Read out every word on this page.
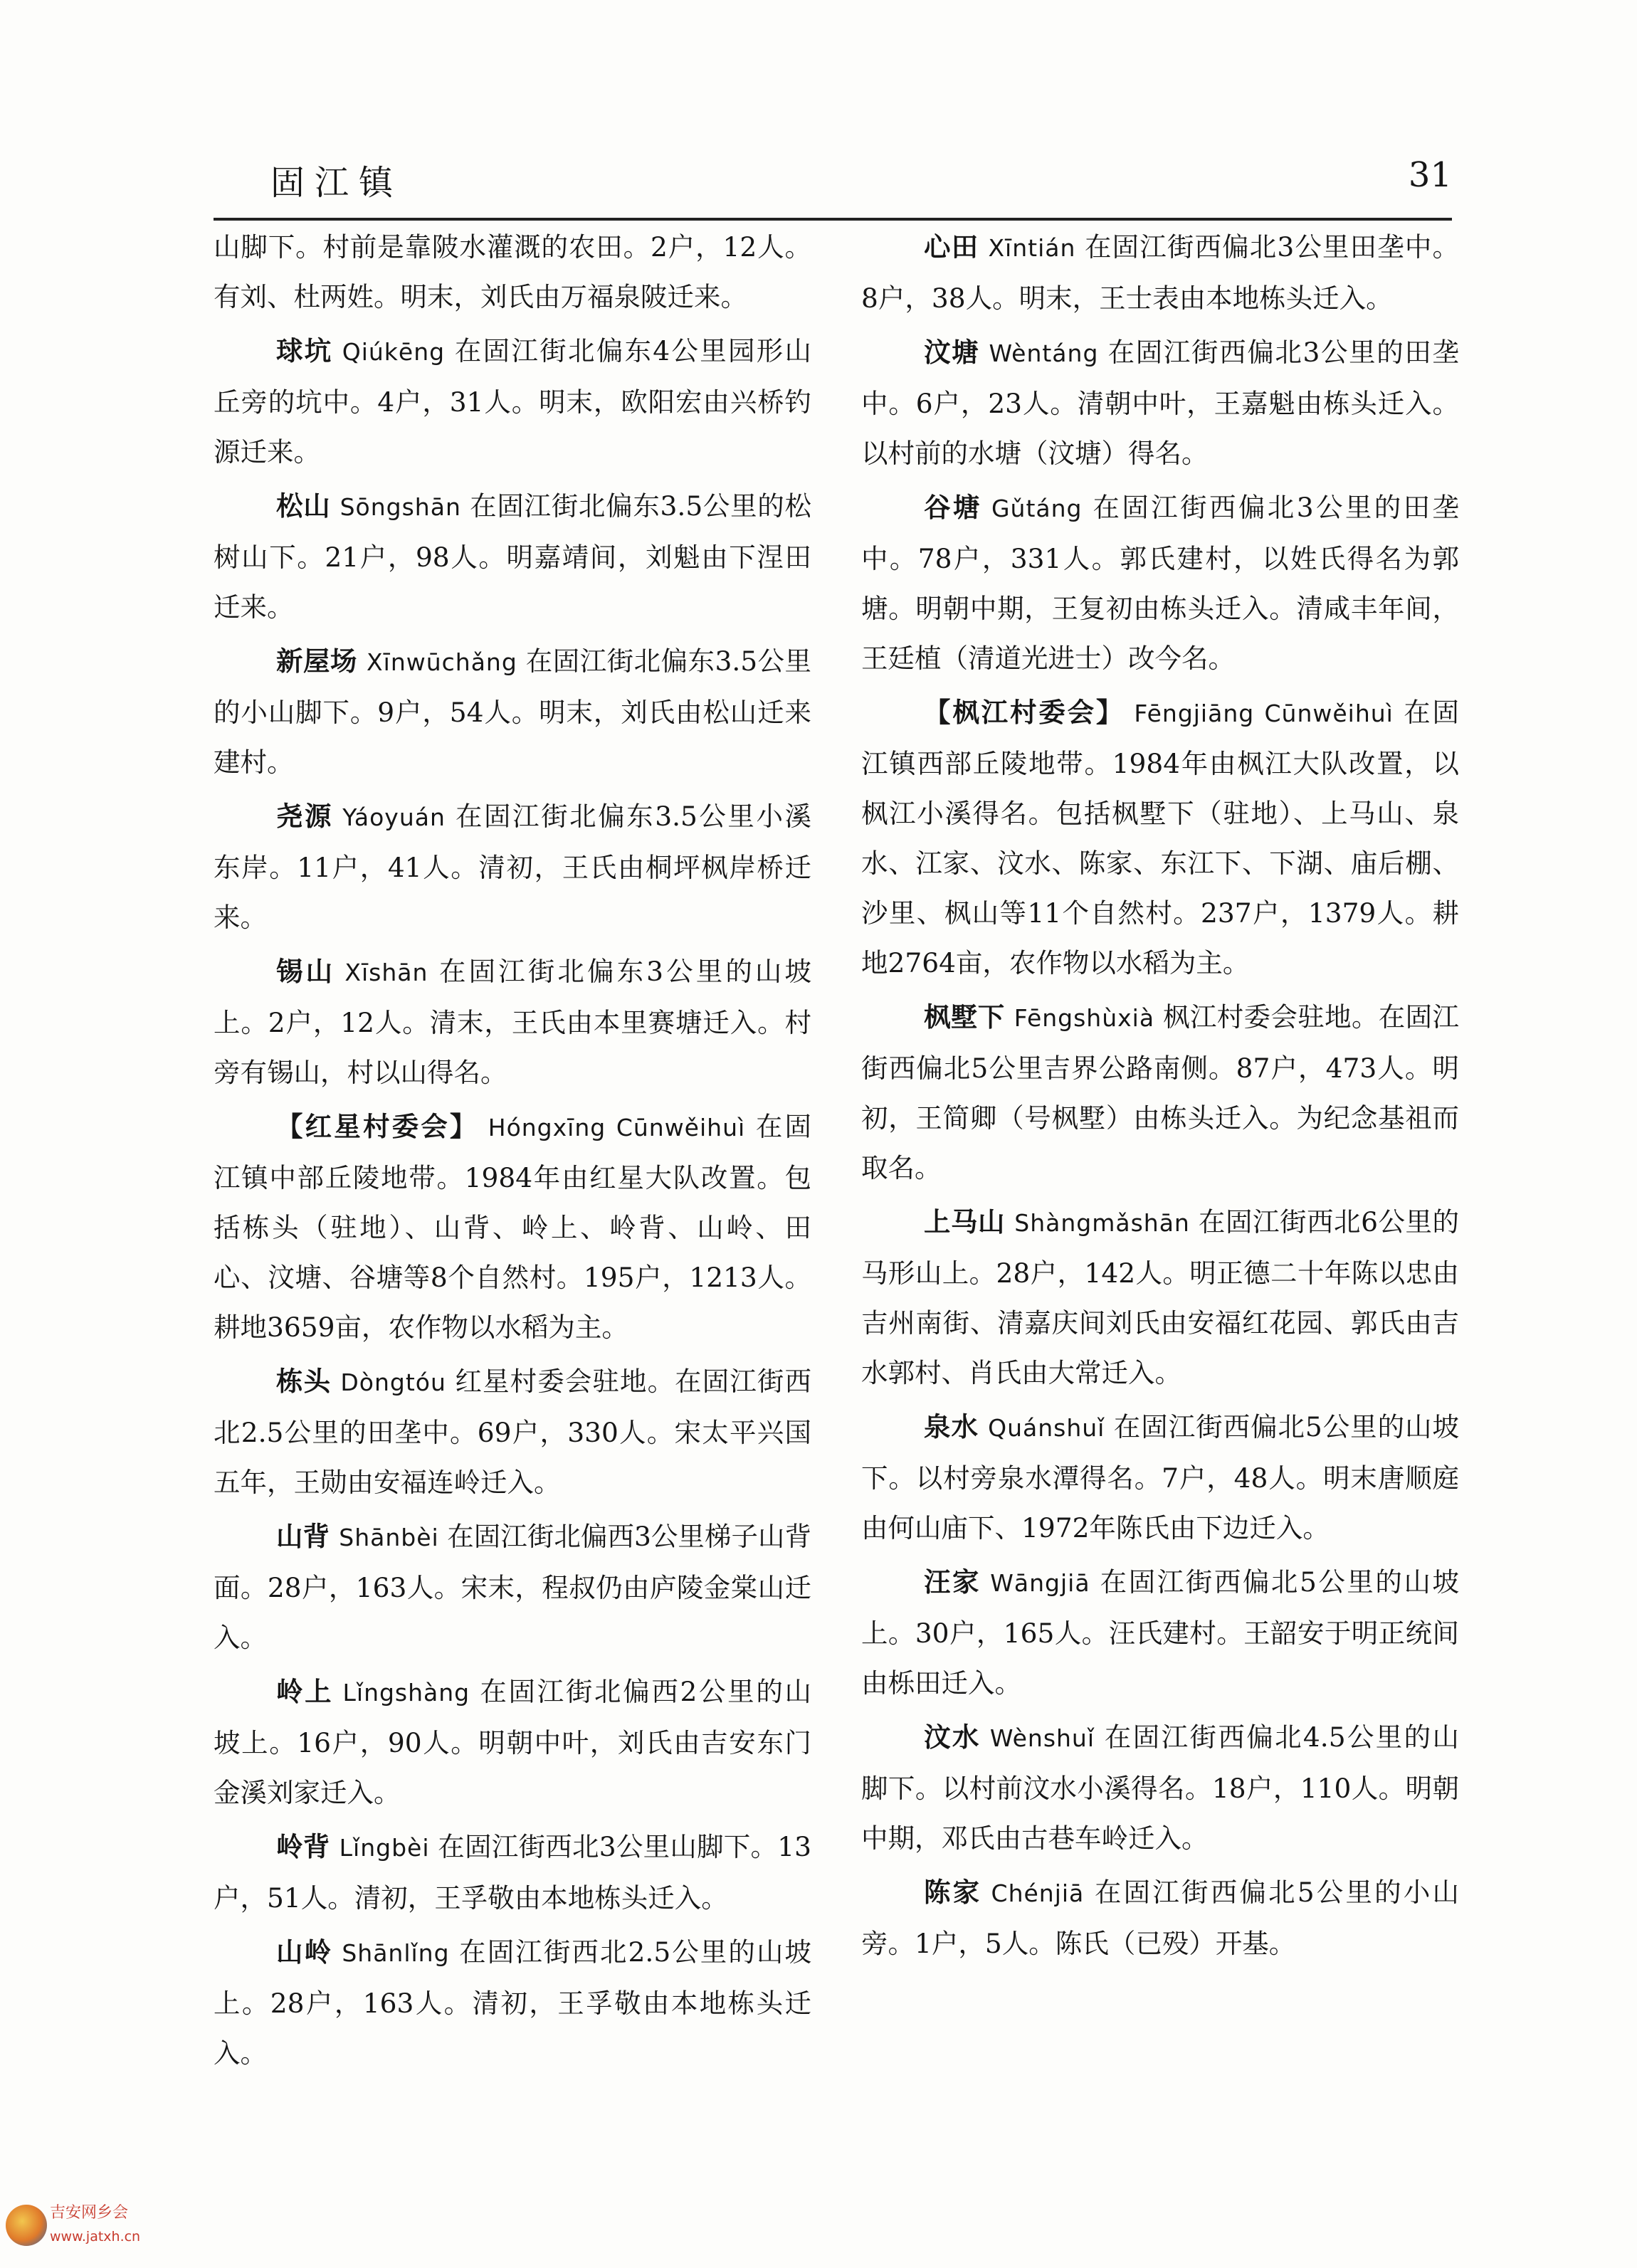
固江镇	31

山脚下。村前是靠陂水灌溉的农田。2户，12人。有刘、杜两姓。明末，刘氏由万福泉陂迁来。

球坑 Qiúkēng 在固江街北偏东4公里园形山丘旁的坑中。4户，31人。明末，欧阳宏由兴桥钓源迁来。

松山 Sōngshān 在固江街北偏东3.5公里的松树山下。21户，98人。明嘉靖间，刘魁由下涅田迁来。

新屋场 Xīnwūchǎng 在固江街北偏东3.5公里的小山脚下。9户，54人。明末，刘氏由松山迁来建村。

尧源 Yáoyuán 在固江街北偏东3.5公里小溪东岸。11户，41人。清初，王氏由桐坪枫岸桥迁来。

锡山 Xīshān 在固江街北偏东3公里的山坡上。2户，12人。清末，王氏由本里赛塘迁入。村旁有锡山，村以山得名。

【红星村委会】 Hóngxīng Cūnwěihuì 在固江镇中部丘陵地带。1984年由红星大队改置。包括栋头（驻地）、山背、岭上、岭背、山岭、田心、汶塘、谷塘等8个自然村。195户，1213人。耕地3659亩，农作物以水稻为主。

栋头 Dòngtóu 红星村委会驻地。在固江街西北2.5公里的田垄中。69户，330人。宋太平兴国五年，王勋由安福连岭迁入。

山背 Shānbèi 在固江街北偏西3公里梯子山背面。28户，163人。宋末，程叔仍由庐陵金棠山迁入。

岭上 Lǐngshàng 在固江街北偏西2公里的山坡上。16户，90人。明朝中叶，刘氏由吉安东门金溪刘家迁入。

岭背 Lǐngbèi 在固江街西北3公里山脚下。13户，51人。清初，王孚敬由本地栋头迁入。

山岭 Shānlǐng 在固江街西北2.5公里的山坡上。28户，163人。清初，王孚敬由本地栋头迁入。

心田 Xīntián 在固江街西偏北3公里田垄中。8户，38人。明末，王士表由本地栋头迁入。

汶塘 Wèntáng 在固江街西偏北3公里的田垄中。6户，23人。清朝中叶，王嘉魁由栋头迁入。以村前的水塘（汶塘）得名。

谷塘 Gǔtáng 在固江街西偏北3公里的田垄中。78户，331人。郭氏建村，以姓氏得名为郭塘。明朝中期，王复初由栋头迁入。清咸丰年间，王廷植（清道光进士）改今名。

【枫江村委会】 Fēngjiāng Cūnwěihuì 在固江镇西部丘陵地带。1984年由枫江大队改置，以枫江小溪得名。包括枫墅下（驻地）、上马山、泉水、江家、汶水、陈家、东江下、下湖、庙后棚、沙里、枫山等11个自然村。237户，1379人。耕地2764亩，农作物以水稻为主。

枫墅下 Fēngshùxià 枫江村委会驻地。在固江街西偏北5公里吉界公路南侧。87户，473人。明初，王简卿（号枫墅）由栋头迁入。为纪念基祖而取名。

上马山 Shàngmǎshān 在固江街西北6公里的马形山上。28户，142人。明正德二十年陈以忠由吉州南街、清嘉庆间刘氏由安福红花园、郭氏由吉水郭村、肖氏由大常迁入。

泉水 Quánshuǐ 在固江街西偏北5公里的山坡下。以村旁泉水潭得名。7户，48人。明末唐顺庭由何山庙下、1972年陈氏由下边迁入。

汪家 Wāngjiā 在固江街西偏北5公里的山坡上。30户，165人。汪氏建村。王韶安于明正统间由栎田迁入。

汶水 Wènshuǐ 在固江街西偏北4.5公里的山脚下。以村前汶水小溪得名。18户，110人。明朝中期，邓氏由古巷车岭迁入。

陈家 Chénjiā 在固江街西偏北5公里的小山旁。1户，5人。陈氏（已殁）开基。

吉安网乡会
www.jatxh.cn
